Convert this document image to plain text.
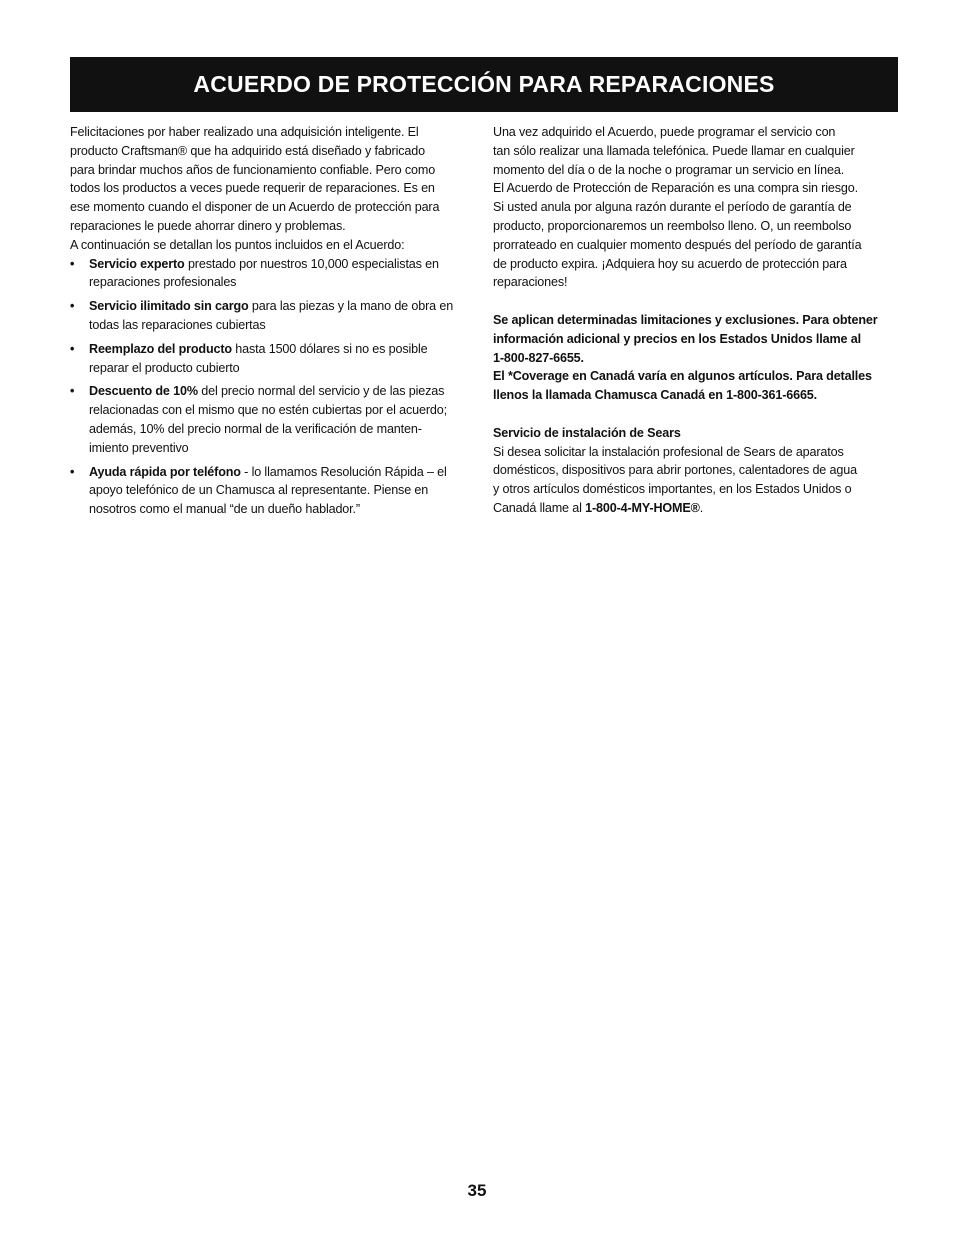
ACUERDO DE PROTECCIÓN PARA REPARACIONES
Felicitaciones por haber realizado una adquisición inteligente. El
producto Craftsman® que ha adquirido está diseñado y fabricado
para brindar muchos años de funcionamiento confiable. Pero como
todos los productos a veces puede requerir de reparaciones. Es en
ese momento cuando el disponer de un Acuerdo de protección para
reparaciones le puede ahorrar dinero y problemas.
A continuación se detallan los puntos incluidos en el Acuerdo:
• Servicio experto prestado por nuestros 10,000 especialistas en
reparaciones profesionales
• Servicio ilimitado sin cargo para las piezas y la mano de obra en
todas las reparaciones cubiertas
• Reemplazo del producto hasta 1500 dólares si no es posible
reparar el producto cubierto
• Descuento de 10% del precio normal del servicio y de las piezas
relacionadas con el mismo que no estén cubiertas por el acuerdo;
además, 10% del precio normal de la verificación de manten-
imiento preventivo
• Ayuda rápida por teléfono - lo llamamos Resolución Rápida – el
apoyo telefónico de un Chamusca al representante. Piense en
nosotros como el manual “de un dueño hablador.”
Una vez adquirido el Acuerdo, puede programar el servicio con
tan sólo realizar una llamada telefónica. Puede llamar en cualquier
momento del día o de la noche o programar un servicio en línea.
El Acuerdo de Protección de Reparación es una compra sin riesgo.
Si usted anula por alguna razón durante el período de garantía de
producto, proporcionaremos un reembolso lleno. O, un reembolso
prorrateado en cualquier momento después del período de garantía
de producto expira. ¡Adquiera hoy su acuerdo de protección para
reparaciones!
Se aplican determinadas limitaciones y exclusiones. Para obtener
información adicional y precios en los Estados Unidos llame al
1-800-827-6655.
El *Coverage en Canadá varía en algunos artículos. Para detalles
llenos la llamada Chamusca Canadá en 1-800-361-6665.
Servicio de instalación de Sears
Si desea solicitar la instalación profesional de Sears de aparatos
domésticos, dispositivos para abrir portones, calentadores de agua
y otros artículos domésticos importantes, en los Estados Unidos o
Canadá llame al 1-800-4-MY-HOME®.
35
